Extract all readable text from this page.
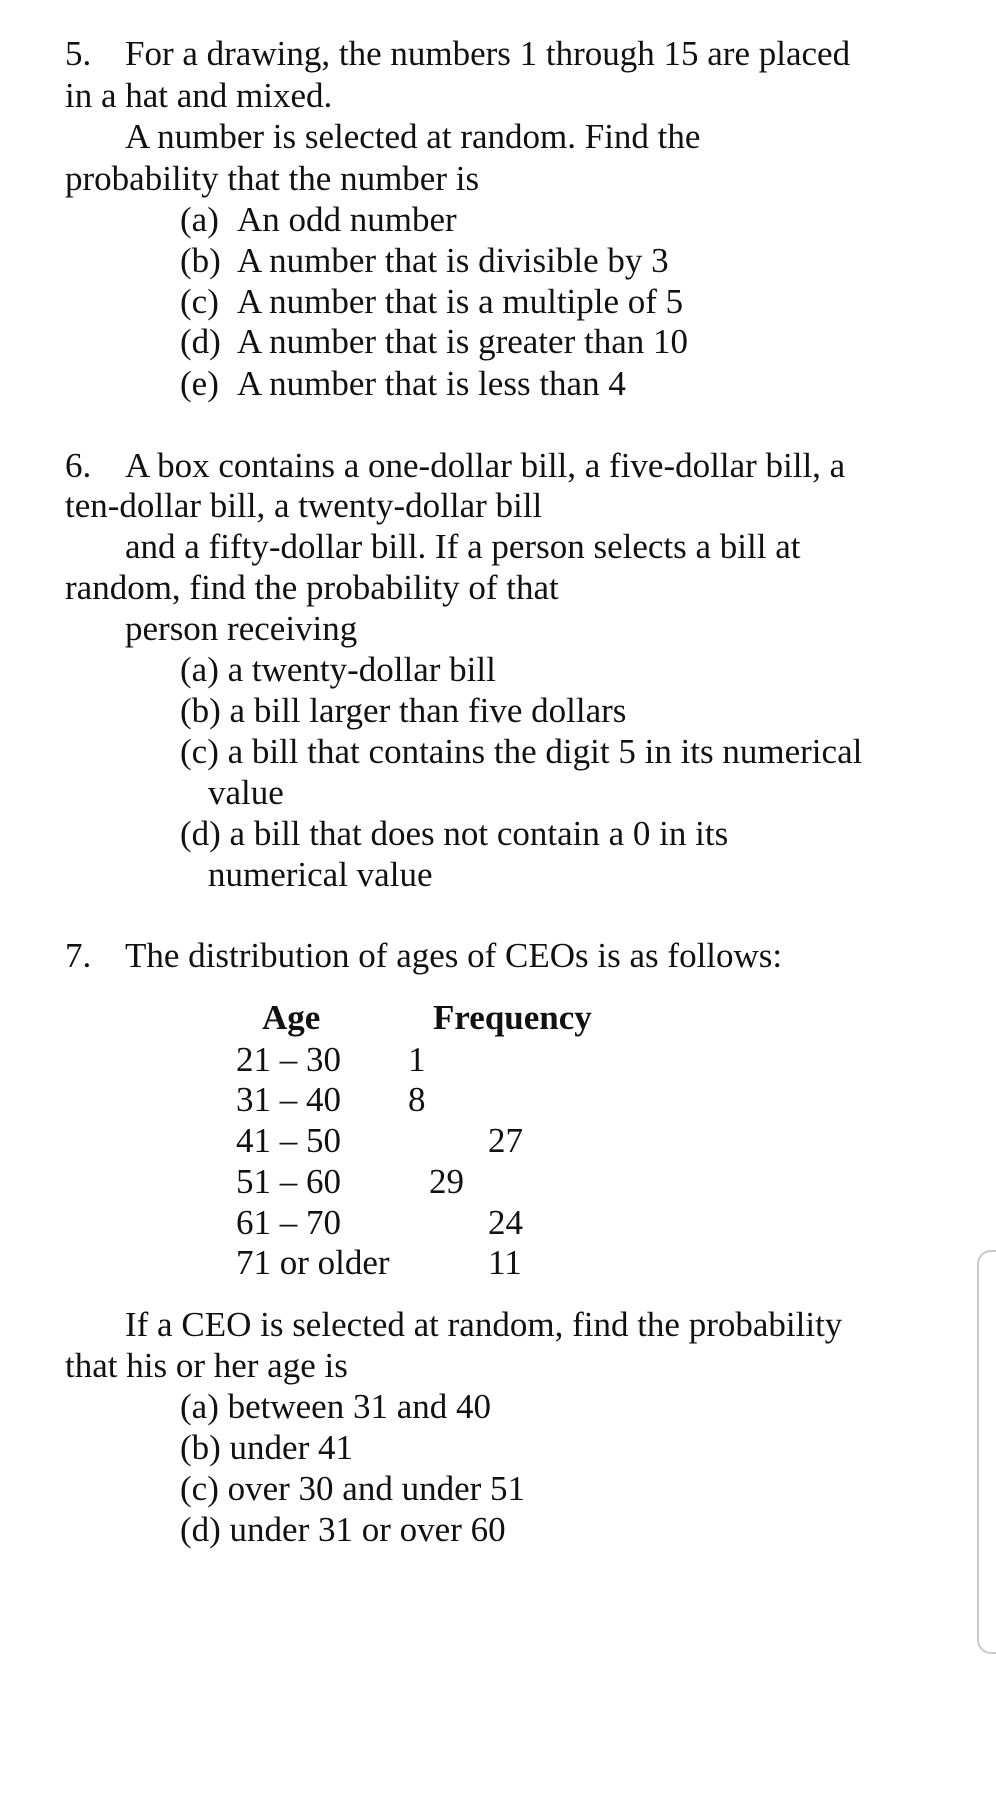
5. For a drawing, the numbers 1 through 15 are placed
in a hat and mixed.
A number is selected at random. Find the
probability that the number is
(a) An odd number
(b) A number that is divisible by 3
(c) A number that is a multiple of 5
(d) A number that is greater than 10
(e) A number that is less than 4
6. A box contains a one-dollar bill, a five-dollar bill, a
ten-dollar bill, a twenty-dollar bill
and a fifty-dollar bill. If a person selects a bill at
random, find the probability of that
person receiving
(a) a twenty-dollar bill
(b) a bill larger than five dollars
(c) a bill that contains the digit 5 in its numerical
value
(d) a bill that does not contain a 0 in its
numerical value
7. The distribution of ages of CEOs is as follows:
Age	Frequency
21 – 30 1
31 – 40 8
41 – 50	27
51 – 60	29
61 – 70	24
71 or older	11
If a CEO is selected at random, find the probability
that his or her age is
(a) between 31 and 40
(b) under 41
(c) over 30 and under 51
(d) under 31 or over 60
